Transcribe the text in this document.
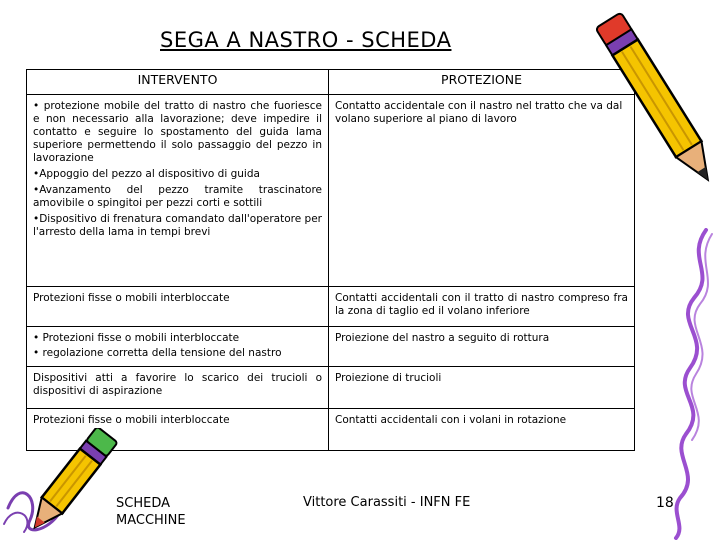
SEGA A NASTRO - SCHEDA
INTERVENTO	PROTEZIONE

• protezione mobile del tratto di nastro che fuoriesce e non necessario alla lavorazione; deve impedire il contatto e seguire lo spostamento del guida lama superiore permettendo il solo passaggio del pezzo in lavorazione
•Appoggio del pezzo al dispositivo di guida
•Avanzamento del pezzo tramite trascinatore amovibile o spingitoi per pezzi corti e sottili
•Dispositivo di frenatura comandato dall'operatore per l'arresto della lama in tempi brevi	Contatto accidentale con il nastro nel tratto che va dal volano superiore al piano di lavoro
Protezioni fisse o mobili interbloccate	Contatti accidentali con il tratto di nastro compreso fra la zona di taglio ed il volano inferiore

• Protezioni fisse o mobili interbloccate
• regolazione corretta della tensione del nastro	Proiezione del nastro a seguito di rottura
Dispositivi atti a favorire lo scarico dei trucioli o dispositivi di aspirazione	Proiezione di trucioli
Protezioni fisse o mobili interbloccate	Contatti accidentali con i volani in rotazione
SCHEDA
MACCHINE
Vittore Carassiti - INFN FE	18
